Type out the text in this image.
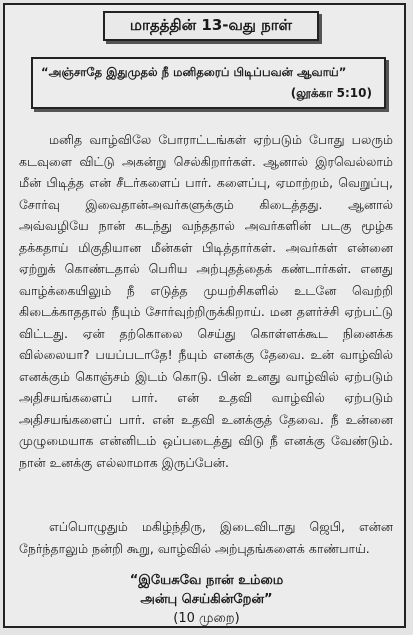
மாதத்தின் 13-வது நாள்
“அஞ்சாதே இதுமுதல் நீ மனிதரைப் பிடிப்பவன் ஆவாய்”
(லூக்கா 5:10)
மனித வாழ்விலே போராட்டங்கள் ஏற்படும் போது பலரும் கடவுளை விட்டு அகன்று செல்கிறார்கள். ஆனால் இரவெல்லாம் மீன் பிடித்த என் சீடர்களைப் பார். களைப்பு, ஏமாற்றம், வெறுப்பு, சோர்வு இவைதான்அவர்களுக்கும் கிடைத்தது. ஆனால் அவ்வழியே நான் கடந்து வந்ததால் அவர்களின் படகு மூழ்க தக்கதாய் மிகுதியான மீன்கள் பிடித்தார்கள். அவர்கள் என்னை ஏற்றுக் கொண்டதால் பெரிய அற்புதத்தைக் கண்டார்கள். எனது வாழ்க்கையிலும் நீ எடுத்த முயற்சிகளில் உடனே வெற்றி கிடைக்காததால் நீயும் சோர்வுற்றிருக்கிறாய். மன தளர்ச்சி ஏற்பட்டு விட்டது. ஏன் தற்கொலை செய்து கொள்ளக்கூட நினைக்க வில்லையா? பயப்படாதே! நீயும் எனக்கு தேவை. உன் வாழ்வில் எனக்கும் கொஞ்சம் இடம் கொடு. பின் உனது வாழ்வில் ஏற்படும் அதிசயங்களைப் பார். என் உதவி வாழ்வில் ஏற்படும் அதிசயங்களைப் பார். என் உதவி உனக்குத் தேவை. நீ உன்னை முழுமையாக என்னிடம் ஒப்படைத்து விடு நீ எனக்கு வேண்டும். நான் உனக்கு எல்லாமாக இருப்பேன்.
எப்பொழுதும் மகிழ்ந்திரு, இடைவிடாது ஜெபி, என்ன நேர்ந்தாலும் நன்றி கூறு, வாழ்வில் அற்புதங்களைக் காண்பாய்.
“இயேசுவே நான் உம்மை
அன்பு செய்கின்றேன்”
(10 முறை)
